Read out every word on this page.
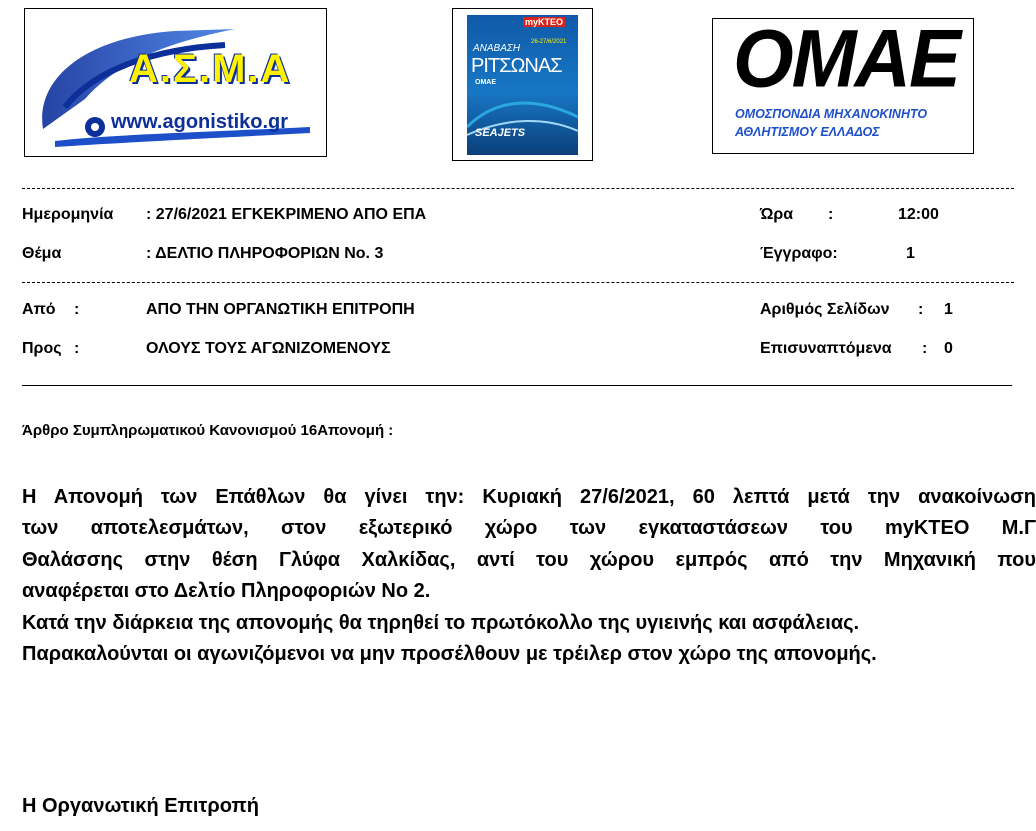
Α.Σ.Μ.Α
www.agonistiko.gr
myΚΤΕΟ
26-27/6/2021
ΑΝΑΒΑΣΗ
ΡΙΤΣΩΝΑΣ
ΟΜΑΕ
SEAJETS
ΟΜΑΕ
ΟΜΟΣΠΟΝΔΙΑ ΜΗΧΑΝΟΚΙΝΗΤΟ
ΑΘΛΗΤΙΣΜΟΥ ΕΛΛΑΔΟΣ
Ημερομηνία : 27/6/2021 ΕΓΚΕΚΡΙΜΕΝΟ ΑΠΟ ΕΠΑ	Ώρα :	12:00
Θέμα	: ΔΕΛΤΙΟ ΠΛΗΡΟΦΟΡΙΩΝ Νο. 3	Έγγραφο:	1
Από :	ΑΠΟ ΤΗΝ ΟΡΓΑΝΩΤΙΚΗ ΕΠΙΤΡΟΠΗ	Αριθμός Σελίδων : 1
Προς :	ΟΛΟΥΣ ΤΟΥΣ ΑΓΩΝΙΖΟΜΕΝΟΥΣ	Επισυναπτόμενα : 0
Άρθρο Συμπληρωματικού Κανονισμού 16Απονομή :
Η Απονομή των Επάθλων θα γίνει την: Κυριακή 27/6/2021, 60 λεπτά μετά την ανακοίνωση
των αποτελεσμάτων, στον εξωτερικό χώρο των εγκαταστάσεων του myΚΤΕΟ Μ.Γ
Θαλάσσης στην θέση Γλύφα Χαλκίδας, αντί του χώρου εμπρός από την Μηχανική που
αναφέρεται στο Δελτίο Πληροφοριών Νο 2.
Κατά την διάρκεια της απονομής θα τηρηθεί το πρωτόκολλο της υγιεινής και ασφάλειας.
Παρακαλούνται οι αγωνιζόμενοι να μην προσέλθουν με τρέιλερ στον χώρο της απονομής.
Η Οργανωτική Επιτροπή
